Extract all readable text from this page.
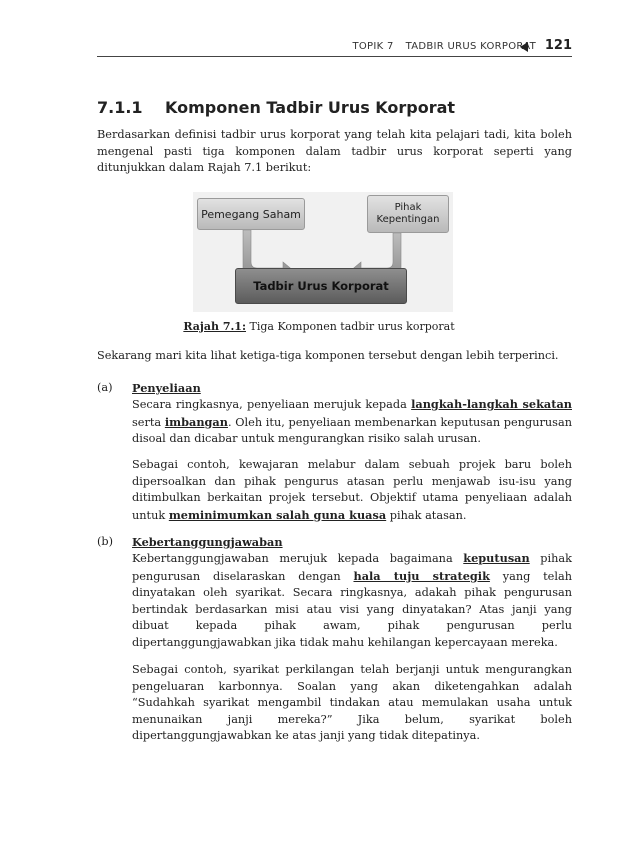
TOPIK 7 TADBIR URUS KORPORAT 121
7.1.1 Komponen Tadbir Urus Korporat

Berdasarkan definisi tadbir urus korporat yang telah kita pelajari tadi, kita boleh mengenal pasti tiga komponen dalam tadbir urus korporat seperti yang ditunjukkan dalam Rajah 7.1 berikut:

Pemegang Saham	Pihak
Kepentingan
Tadbir Urus Korporat
Rajah 7.1: Tiga Komponen tadbir urus korporat

Sekarang mari kita lihat ketiga-tiga komponen tersebut dengan lebih terperinci.

(a) Penyeliaan

Secara ringkasnya, penyeliaan merujuk kepada langkah-langkah sekatan serta imbangan. Oleh itu, penyeliaan membenarkan keputusan pengurusan disoal dan dicabar untuk mengurangkan risiko salah urusan.

Sebagai contoh, kewajaran melabur dalam sebuah projek baru boleh dipersoalkan dan pihak pengurus atasan perlu menjawab isu-isu yang ditimbulkan berkaitan projek tersebut. Objektif utama penyeliaan adalah untuk meminimumkan salah guna kuasa pihak atasan.

(b) Kebertanggungjawaban

Kebertanggungjawaban merujuk kepada bagaimana keputusan pihak pengurusan diselaraskan dengan hala tuju strategik yang telah dinyatakan oleh syarikat. Secara ringkasnya, adakah pihak pengurusan bertindak berdasarkan misi atau visi yang dinyatakan? Atas janji yang dibuat kepada pihak awam, pihak pengurusan perlu dipertanggungjawabkan jika tidak mahu kehilangan kepercayaan mereka.

Sebagai contoh, syarikat perkilangan telah berjanji untuk mengurangkan pengeluaran karbonnya. Soalan yang akan diketengahkan adalah “Sudahkah syarikat mengambil tindakan atau memulakan usaha untuk menunaikan janji mereka?” Jika belum, syarikat boleh dipertanggungjawabkan ke atas janji yang tidak ditepatinya.
